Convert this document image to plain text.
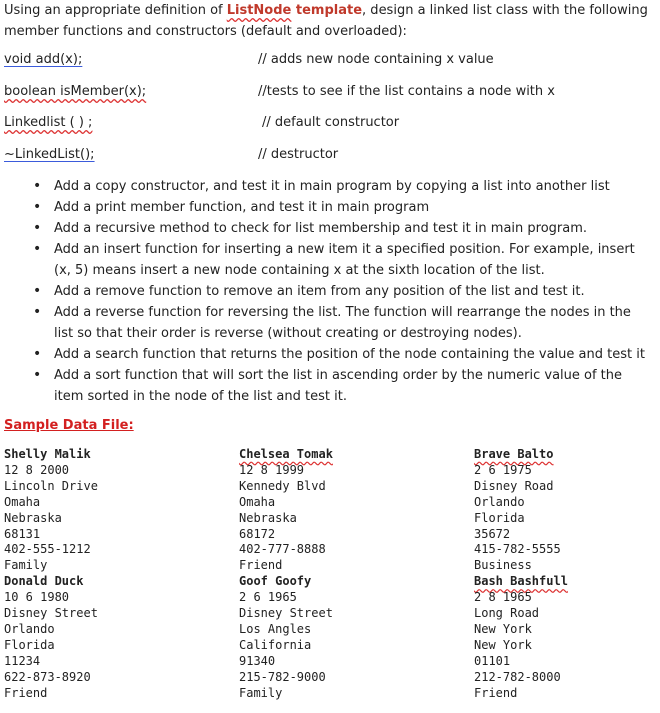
Using an appropriate definition of ListNode template, design a linked list class with the following member functions and constructors (default and overloaded):
void add(x);	// adds new node containing x value
boolean isMember(x);	//tests to see if the list contains a node with x
Linkedlist ( ) ;	// default constructor
~LinkedList();	// destructor
• Add a copy constructor, and test it in main program by copying a list into another list
• Add a print member function, and test it in main program
• Add a recursive method to check for list membership and test it in main program.
• Add an insert function for inserting a new item it a specified position. For example, insert (x, 5) means insert a new node containing x at the sixth location of the list.
• Add a remove function to remove an item from any position of the list and test it.
• Add a reverse function for reversing the list. The function will rearrange the nodes in the list so that their order is reverse (without creating or destroying nodes).
• Add a search function that returns the position of the node containing the value and test it
• Add a sort function that will sort the list in ascending order by the numeric value of the item sorted in the node of the list and test it.
Sample Data File:
Shelly Malik
12 8 2000
Lincoln Drive
Omaha
Nebraska
68131
402-555-1212
Family
Donald Duck
10 6 1980
Disney Street
Orlando
Florida
11234
622-873-8920
Friend
Chelsea Tomak
12 8 1999
Kennedy Blvd
Omaha
Nebraska
68172
402-777-8888
Friend
Goof Goofy
2 6 1965
Disney Street
Los Angles
California
91340
215-782-9000
Family
Brave Balto
2 6 1975
Disney Road
Orlando
Florida
35672
415-782-5555
Business
Bash Bashfull
2 8 1965
Long Road
New York
New York
01101
212-782-8000
Friend
